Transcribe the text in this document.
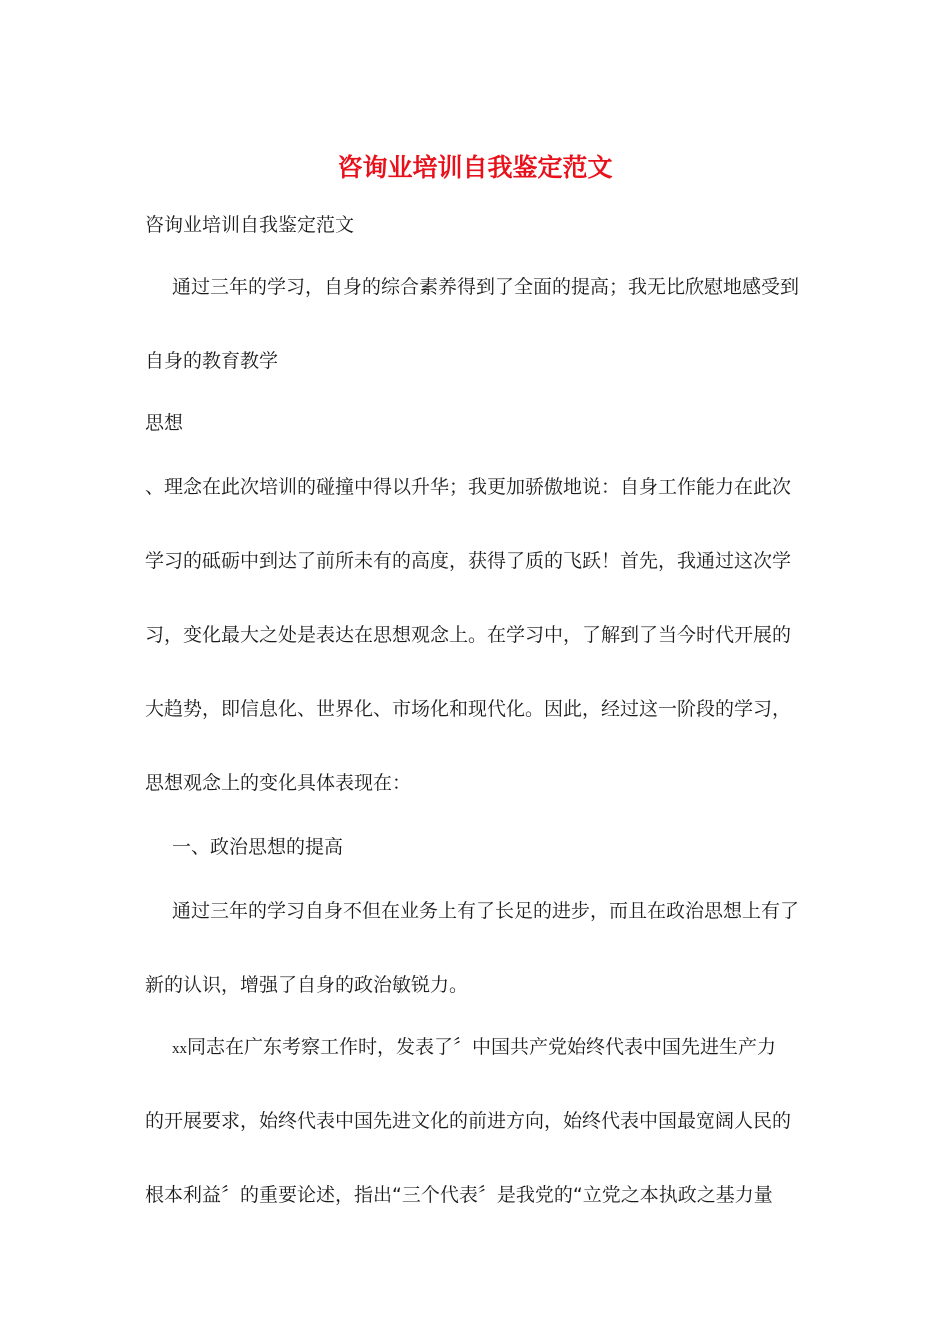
咨询业培训自我鉴定范文

咨询业培训自我鉴定范文

通过三年的学习，自身的综合素养得到了全面的提高；我无比欣慰地感受到

自身的教育教学

思想

、理念在此次培训的碰撞中得以升华；我更加骄傲地说：自身工作能力在此次

学习的砥砺中到达了前所未有的高度，获得了质的飞跃！首先，我通过这次学

习，变化最大之处是表达在思想观念上。在学习中，了解到了当今时代开展的

大趋势，即信息化、世界化、市场化和现代化。因此，经过这一阶段的学习，

思想观念上的变化具体表现在：

一、政治思想的提高

通过三年的学习自身不但在业务上有了长足的进步，而且在政治思想上有了

新的认识，增强了自身的政治敏锐力。

xx同志在广东考察工作时，发表了〞中国共产党始终代表中国先进生产力

的开展要求，始终代表中国先进文化的前进方向，始终代表中国最宽阔人民的

根本利益〞的重要论述，指出“三个代表〞是我党的“立党之本执政之基力量
